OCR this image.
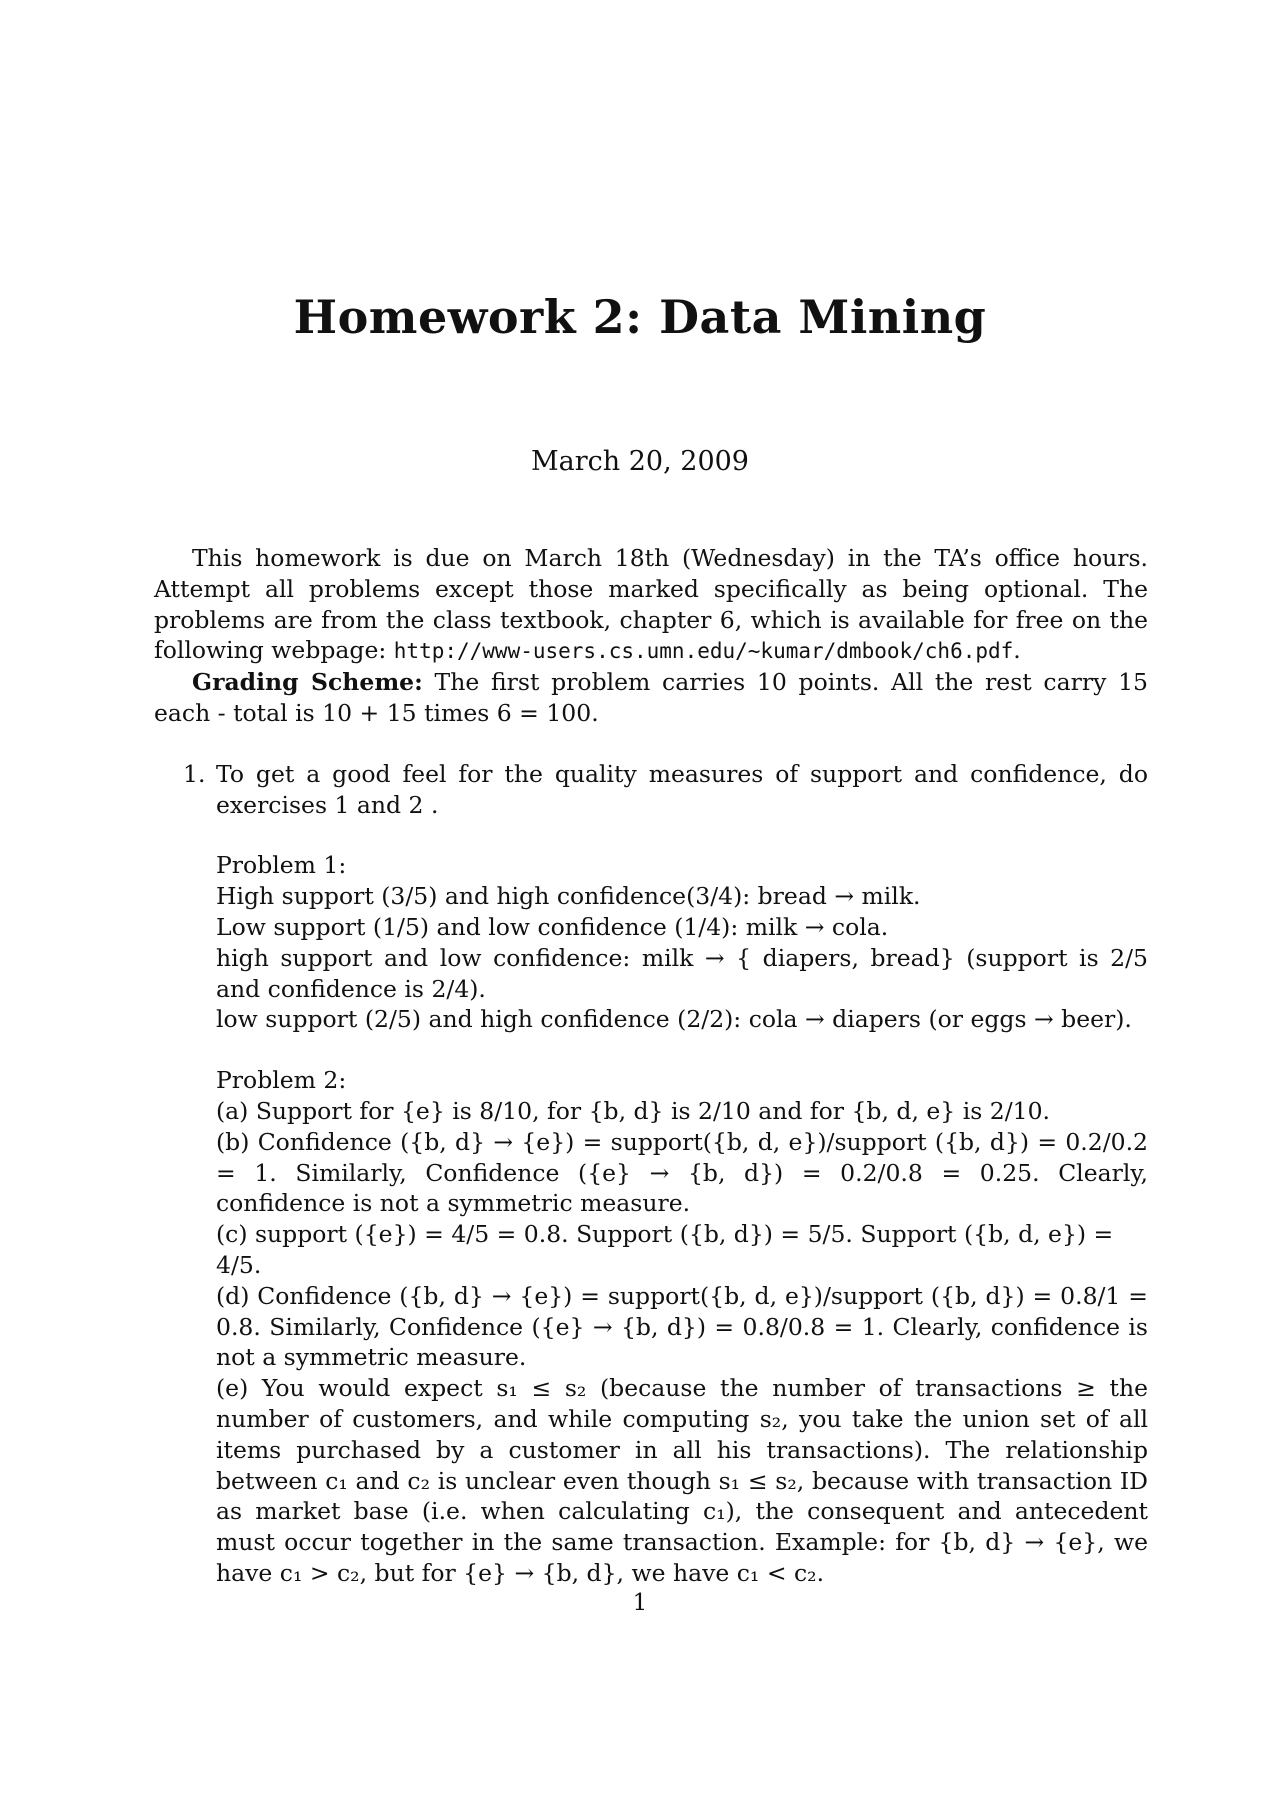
Homework 2: Data Mining
March 20, 2009

This homework is due on March 18th (Wednesday) in the TA’s office hours. Attempt all problems except those marked specifically as being optional. The problems are from the class textbook, chapter 6, which is available for free on the following webpage: http://www-users.cs.umn.edu/~kumar/dmbook/ch6.pdf.

Grading Scheme: The first problem carries 10 points. All the rest carry 15 each - total is 10 + 15 times 6 = 100.

1. To get a good feel for the quality measures of support and confidence, do exercises 1 and 2 .

Problem 1:
High support (3/5) and high confidence(3/4): bread → milk.
Low support (1/5) and low confidence (1/4): milk → cola.
high support and low confidence: milk → { diapers, bread} (support is 2/5 and confidence is 2/4).
low support (2/5) and high confidence (2/2): cola → diapers (or eggs → beer).
Problem 2:
(a) Support for {e} is 8/10, for {b, d} is 2/10 and for {b, d, e} is 2/10.
(b) Confidence ({b, d} → {e}) = support({b, d, e})/support ({b, d}) = 0.2/0.2 = 1. Similarly, Confidence ({e} → {b, d}) = 0.2/0.8 = 0.25. Clearly, confidence is not a symmetric measure.
(c) support ({e}) = 4/5 = 0.8. Support ({b, d}) = 5/5. Support ({b, d, e}) = 4/5.
(d) Confidence ({b, d} → {e}) = support({b, d, e})/support ({b, d}) = 0.8/1 = 0.8. Similarly, Confidence ({e} → {b, d}) = 0.8/0.8 = 1. Clearly, confidence is not a symmetric measure.
(e) You would expect s₁ ≤ s₂ (because the number of transactions ≥ the number of customers, and while computing s₂, you take the union set of all items purchased by a customer in all his transactions). The relationship between c₁ and c₂ is unclear even though s₁ ≤ s₂, because with transaction ID as market base (i.e. when calculating c₁), the consequent and antecedent must occur together in the same transaction. Example: for {b, d} → {e}, we have c₁ > c₂, but for {e} → {b, d}, we have c₁ < c₂.
1
